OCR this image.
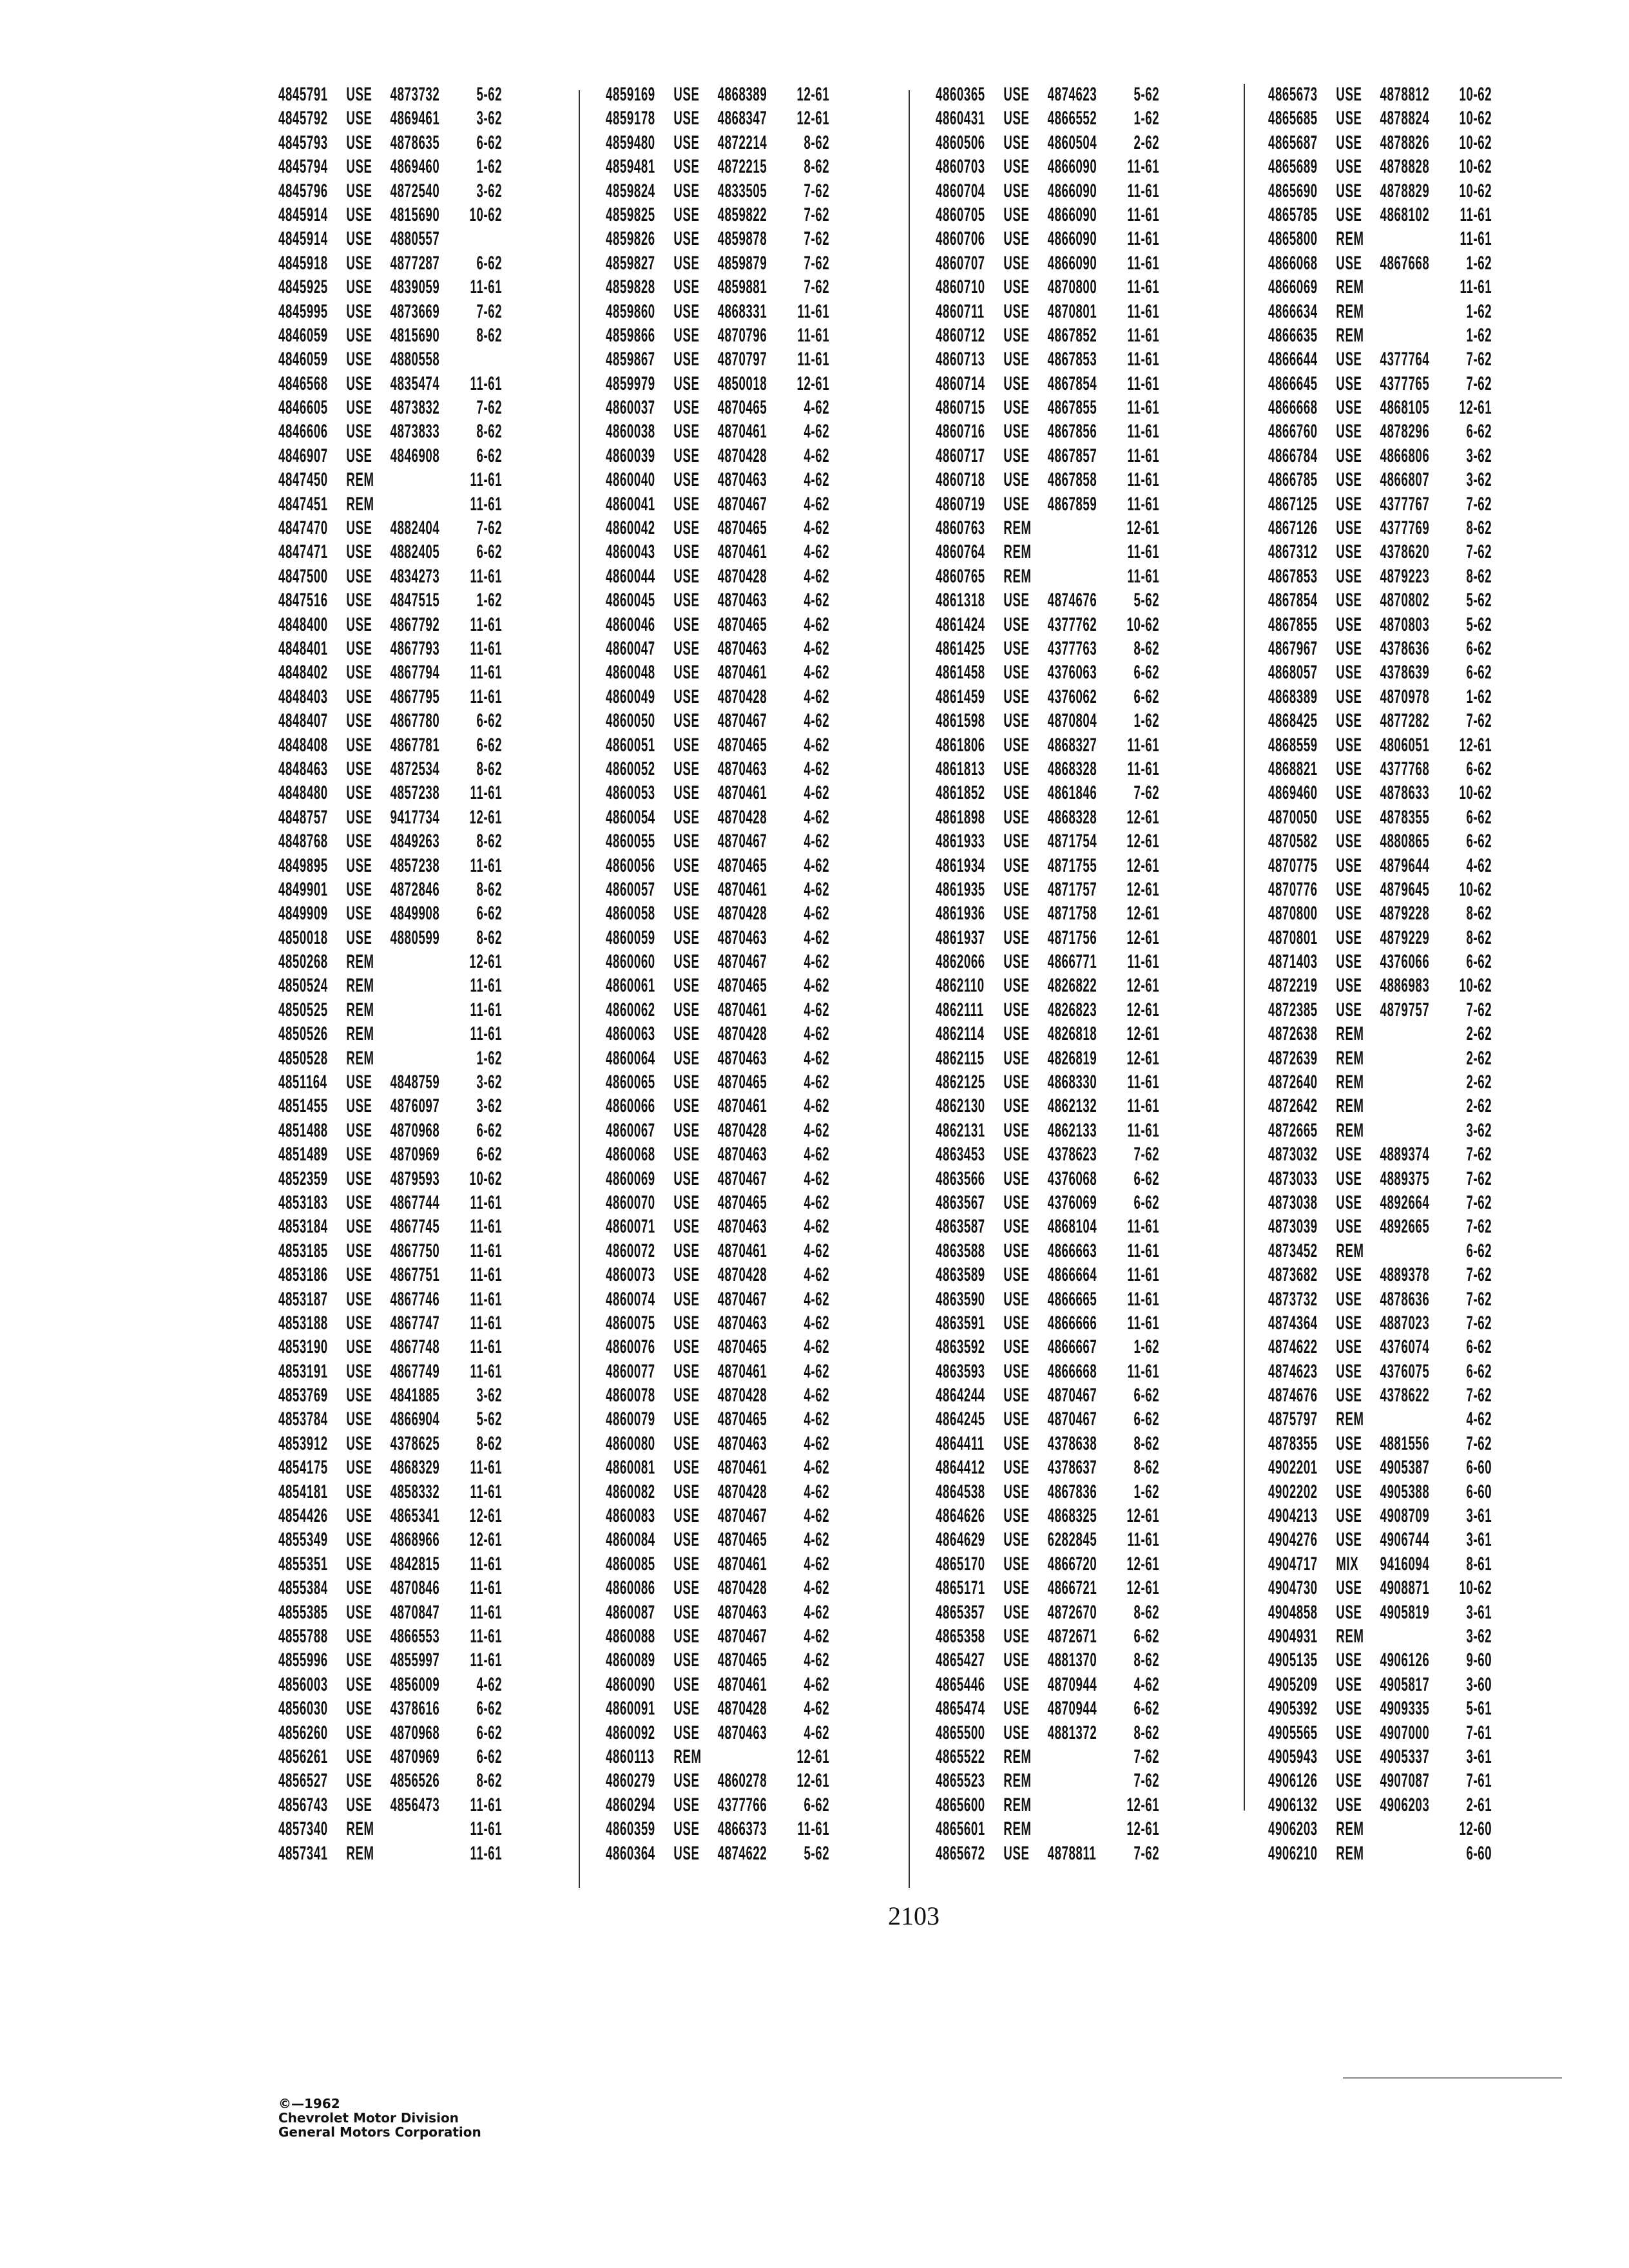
4845791 USE 4873732 5-62
4845792 USE 4869461 3-62
4845793 USE 4878635 6-62
4845794 USE 4869460 1-62
4845796 USE 4872540 3-62
4845914 USE 4815690 10-62
4845914 USE 4880557
4845918 USE 4877287 6-62
4845925 USE 4839059 11-61
4845995 USE 4873669 7-62
4846059 USE 4815690 8-62
4846059 USE 4880558
4846568 USE 4835474 11-61
4846605 USE 4873832 7-62
4846606 USE 4873833 8-62
4846907 USE 4846908 6-62
4847450 REM	11-61
4847451 REM	11-61
4847470 USE 4882404 7-62
4847471 USE 4882405 6-62
4847500 USE 4834273 11-61
4847516 USE 4847515 1-62
4848400 USE 4867792 11-61
4848401 USE 4867793 11-61
4848402 USE 4867794 11-61
4848403 USE 4867795 11-61
4848407 USE 4867780 6-62
4848408 USE 4867781 6-62
4848463 USE 4872534 8-62
4848480 USE 4857238 11-61
4848757 USE 9417734 12-61
4848768 USE 4849263 8-62
4849895 USE 4857238 11-61
4849901 USE 4872846 8-62
4849909 USE 4849908 6-62
4850018 USE 4880599 8-62
4850268 REM	12-61
4850524 REM	11-61
4850525 REM	11-61
4850526 REM	11-61
4850528 REM	1-62
4851164 USE 4848759 3-62
4851455 USE 4876097 3-62
4851488 USE 4870968 6-62
4851489 USE 4870969 6-62
4852359 USE 4879593 10-62
4853183 USE 4867744 11-61
4853184 USE 4867745 11-61
4853185 USE 4867750 11-61
4853186 USE 4867751 11-61
4853187 USE 4867746 11-61
4853188 USE 4867747 11-61
4853190 USE 4867748 11-61
4853191 USE 4867749 11-61
4853769 USE 4841885 3-62
4853784 USE 4866904 5-62
4853912 USE 4378625 8-62
4854175 USE 4868329 11-61
4854181 USE 4858332 11-61
4854426 USE 4865341 12-61
4855349 USE 4868966 12-61
4855351 USE 4842815 11-61
4855384 USE 4870846 11-61
4855385 USE 4870847 11-61
4855788 USE 4866553 11-61
4855996 USE 4855997 11-61
4856003 USE 4856009 4-62
4856030 USE 4378616 6-62
4856260 USE 4870968 6-62
4856261 USE 4870969 6-62
4856527 USE 4856526 8-62
4856743 USE 4856473 11-61
4857340 REM	11-61
4857341 REM	11-61
4859169 USE 4868389 12-61
4859178 USE 4868347 12-61
4859480 USE 4872214 8-62
4859481 USE 4872215 8-62
4859824 USE 4833505 7-62
4859825 USE 4859822 7-62
4859826 USE 4859878 7-62
4859827 USE 4859879 7-62
4859828 USE 4859881 7-62
4859860 USE 4868331 11-61
4859866 USE 4870796 11-61
4859867 USE 4870797 11-61
4859979 USE 4850018 12-61
4860037 USE 4870465 4-62
4860038 USE 4870461 4-62
4860039 USE 4870428 4-62
4860040 USE 4870463 4-62
4860041 USE 4870467 4-62
4860042 USE 4870465 4-62
4860043 USE 4870461 4-62
4860044 USE 4870428 4-62
4860045 USE 4870463 4-62
4860046 USE 4870465 4-62
4860047 USE 4870463 4-62
4860048 USE 4870461 4-62
4860049 USE 4870428 4-62
4860050 USE 4870467 4-62
4860051 USE 4870465 4-62
4860052 USE 4870463 4-62
4860053 USE 4870461 4-62
4860054 USE 4870428 4-62
4860055 USE 4870467 4-62
4860056 USE 4870465 4-62
4860057 USE 4870461 4-62
4860058 USE 4870428 4-62
4860059 USE 4870463 4-62
4860060 USE 4870467 4-62
4860061 USE 4870465 4-62
4860062 USE 4870461 4-62
4860063 USE 4870428 4-62
4860064 USE 4870463 4-62
4860065 USE 4870465 4-62
4860066 USE 4870461 4-62
4860067 USE 4870428 4-62
4860068 USE 4870463 4-62
4860069 USE 4870467 4-62
4860070 USE 4870465 4-62
4860071 USE 4870463 4-62
4860072 USE 4870461 4-62
4860073 USE 4870428 4-62
4860074 USE 4870467 4-62
4860075 USE 4870463 4-62
4860076 USE 4870465 4-62
4860077 USE 4870461 4-62
4860078 USE 4870428 4-62
4860079 USE 4870465 4-62
4860080 USE 4870463 4-62
4860081 USE 4870461 4-62
4860082 USE 4870428 4-62
4860083 USE 4870467 4-62
4860084 USE 4870465 4-62
4860085 USE 4870461 4-62
4860086 USE 4870428 4-62
4860087 USE 4870463 4-62
4860088 USE 4870467 4-62
4860089 USE 4870465 4-62
4860090 USE 4870461 4-62
4860091 USE 4870428 4-62
4860092 USE 4870463 4-62
4860113 REM	12-61
4860279 USE 4860278 12-61
4860294 USE 4377766 6-62
4860359 USE 4866373 11-61
4860364 USE 4874622 5-62
4860365 USE 4874623 5-62
4860431 USE 4866552 1-62
4860506 USE 4860504 2-62
4860703 USE 4866090 11-61
4860704 USE 4866090 11-61
4860705 USE 4866090 11-61
4860706 USE 4866090 11-61
4860707 USE 4866090 11-61
4860710 USE 4870800 11-61
4860711 USE 4870801 11-61
4860712 USE 4867852 11-61
4860713 USE 4867853 11-61
4860714 USE 4867854 11-61
4860715 USE 4867855 11-61
4860716 USE 4867856 11-61
4860717 USE 4867857 11-61
4860718 USE 4867858 11-61
4860719 USE 4867859 11-61
4860763 REM	12-61
4860764 REM	11-61
4860765 REM	11-61
4861318 USE 4874676 5-62
4861424 USE 4377762 10-62
4861425 USE 4377763 8-62
4861458 USE 4376063 6-62
4861459 USE 4376062 6-62
4861598 USE 4870804 1-62
4861806 USE 4868327 11-61
4861813 USE 4868328 11-61
4861852 USE 4861846 7-62
4861898 USE 4868328 12-61
4861933 USE 4871754 12-61
4861934 USE 4871755 12-61
4861935 USE 4871757 12-61
4861936 USE 4871758 12-61
4861937 USE 4871756 12-61
4862066 USE 4866771 11-61
4862110 USE 4826822 12-61
4862111 USE 4826823 12-61
4862114 USE 4826818 12-61
4862115 USE 4826819 12-61
4862125 USE 4868330 11-61
4862130 USE 4862132 11-61
4862131 USE 4862133 11-61
4863453 USE 4378623 7-62
4863566 USE 4376068 6-62
4863567 USE 4376069 6-62
4863587 USE 4868104 11-61
4863588 USE 4866663 11-61
4863589 USE 4866664 11-61
4863590 USE 4866665 11-61
4863591 USE 4866666 11-61
4863592 USE 4866667 1-62
4863593 USE 4866668 11-61
4864244 USE 4870467 6-62
4864245 USE 4870467 6-62
4864411 USE 4378638 8-62
4864412 USE 4378637 8-62
4864538 USE 4867836 1-62
4864626 USE 4868325 12-61
4864629 USE 6282845 11-61
4865170 USE 4866720 12-61
4865171 USE 4866721 12-61
4865357 USE 4872670 8-62
4865358 USE 4872671 6-62
4865427 USE 4881370 8-62
4865446 USE 4870944 4-62
4865474 USE 4870944 6-62
4865500 USE 4881372 8-62
4865522 REM	7-62
4865523 REM	7-62
4865600 REM	12-61
4865601 REM	12-61
4865672 USE 4878811 7-62
4865673 USE 4878812 10-62
4865685 USE 4878824 10-62
4865687 USE 4878826 10-62
4865689 USE 4878828 10-62
4865690 USE 4878829 10-62
4865785 USE 4868102 11-61
4865800 REM	11-61
4866068 USE 4867668 1-62
4866069 REM	11-61
4866634 REM	1-62
4866635 REM	1-62
4866644 USE 4377764 7-62
4866645 USE 4377765 7-62
4866668 USE 4868105 12-61
4866760 USE 4878296 6-62
4866784 USE 4866806 3-62
4866785 USE 4866807 3-62
4867125 USE 4377767 7-62
4867126 USE 4377769 8-62
4867312 USE 4378620 7-62
4867853 USE 4879223 8-62
4867854 USE 4870802 5-62
4867855 USE 4870803 5-62
4867967 USE 4378636 6-62
4868057 USE 4378639 6-62
4868389 USE 4870978 1-62
4868425 USE 4877282 7-62
4868559 USE 4806051 12-61
4868821 USE 4377768 6-62
4869460 USE 4878633 10-62
4870050 USE 4878355 6-62
4870582 USE 4880865 6-62
4870775 USE 4879644 4-62
4870776 USE 4879645 10-62
4870800 USE 4879228 8-62
4870801 USE 4879229 8-62
4871403 USE 4376066 6-62
4872219 USE 4886983 10-62
4872385 USE 4879757 7-62
4872638 REM	2-62
4872639 REM	2-62
4872640 REM	2-62
4872642 REM	2-62
4872665 REM	3-62
4873032 USE 4889374 7-62
4873033 USE 4889375 7-62
4873038 USE 4892664 7-62
4873039 USE 4892665 7-62
4873452 REM	6-62
4873682 USE 4889378 7-62
4873732 USE 4878636 7-62
4874364 USE 4887023 7-62
4874622 USE 4376074 6-62
4874623 USE 4376075 6-62
4874676 USE 4378622 7-62
4875797 REM	4-62
4878355 USE 4881556 7-62
4902201 USE 4905387 6-60
4902202 USE 4905388 6-60
4904213 USE 4908709 3-61
4904276 USE 4906744 3-61
4904717 MIX 9416094 8-61
4904730 USE 4908871 10-62
4904858 USE 4905819 3-61
4904931 REM	3-62
4905135 USE 4906126 9-60
4905209 USE 4905817 3-60
4905392 USE 4909335 5-61
4905565 USE 4907000 7-61
4905943 USE 4905337 3-61
4906126 USE 4907087 7-61
4906132 USE 4906203 2-61
4906203 REM	12-60
4906210 REM	6-60
©—1962
Chevrolet Motor Division
General Motors Corporation
2103
